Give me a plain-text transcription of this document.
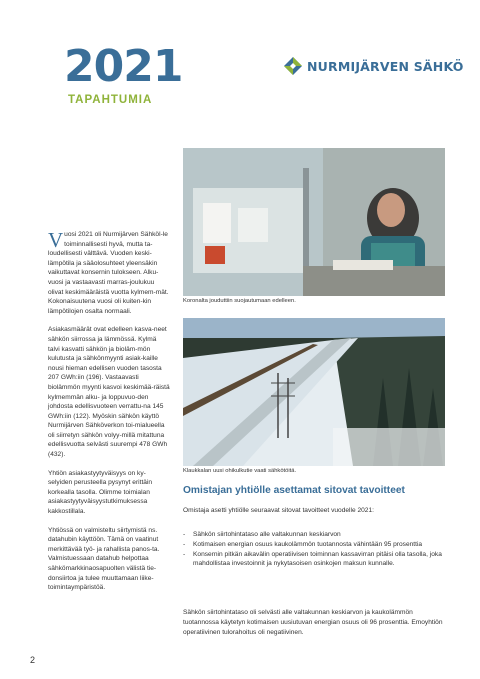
2021
TAPAHTUMIA
NURMIJÄRVEN SÄHKÖ

Vuosi 2021 oli Nurmijärven Sähköl-le toiminnallisesti hyvä, mutta ta-loudellisesti välttävä. Vuoden keski-lämpötila ja sääolosuhteet yleensäkin vaikuttavat konsernin tulokseen. Alku-vuosi ja vastaavasti marras-joulukuu olivat keskimääräistä vuotta kylmem-mät. Kokonaisuutena vuosi oli kuiten-kin lämpötilojen osalta normaali.

Asiakasmäärät ovat edelleen kasva-neet sähkön siirrossa ja lämmössä. Kylmä talvi kasvatti sähkön ja bioläm-mön kulutusta ja sähkönmyynti asiak-kaille nousi hieman edellisen vuoden tasosta 207 GWh:iin (196). Vastaavasti biolämmön myynti kasvoi keskimää-räistä kylmemmän alku- ja loppuvuo-den johdosta edellisvuoteen verrattu-na 145 GWh:iin (122). Myöskin sähkön käyttö Nurmijärven Sähköverkon toi-mialueella oli siirretyn sähkön volyy-millä mitattuna edellisvuotta selvästi suurempi 478 GWh (432).

Yhtiön asiakastyytyväisyys on ky-selyiden perusteella pysynyt erittäin korkealla tasolla. Olimme toimialan asiakastyytyväisyystutkimuksessa kakkostillala.

Yhtiössä on valmisteltu siirtymistä ns. datahubin käyttöön. Tämä on vaatinut merkittävää työ- ja rahallista panos-ta. Valmistuessaan datahub helpottaa sähkömarkkinaosapuolten välistä tie-donsiirtoa ja tulee muuttamaan liike-toimintaympäristöä.

Koronalta jouduttiin suojautumaan edelleen.
Klaukkalan uusi ohikulkutie vaati sähkötöitä.
Omistajan yhtiölle asettamat sitovat tavoitteet
Omistaja asetti yhtiölle seuraavat sitovat tavoitteet vuodelle 2021:
- Sähkön siirtohintataso alle valtakunnan keskiarvon
- Kotimaisen energian osuus kaukolämmön tuotannosta vähintään 95 prosenttia
- Konsernin pitkän aikavälin operatiivisen toiminnan kassavirran pitäisi olla tasolla, joka mahdollistaa investoinnit ja nykytasoisen osinkojen maksun kunnalle.
Sähkön siirtohintataso oli selvästi alle valtakunnan keskiarvon ja kaukolämmön tuotannossa käytetyn kotimaisen uusiutuvan energian osuus oli 96 prosenttia. Emoyhtiön operatiivinen tulorahoitus oli negatiivinen.
2
